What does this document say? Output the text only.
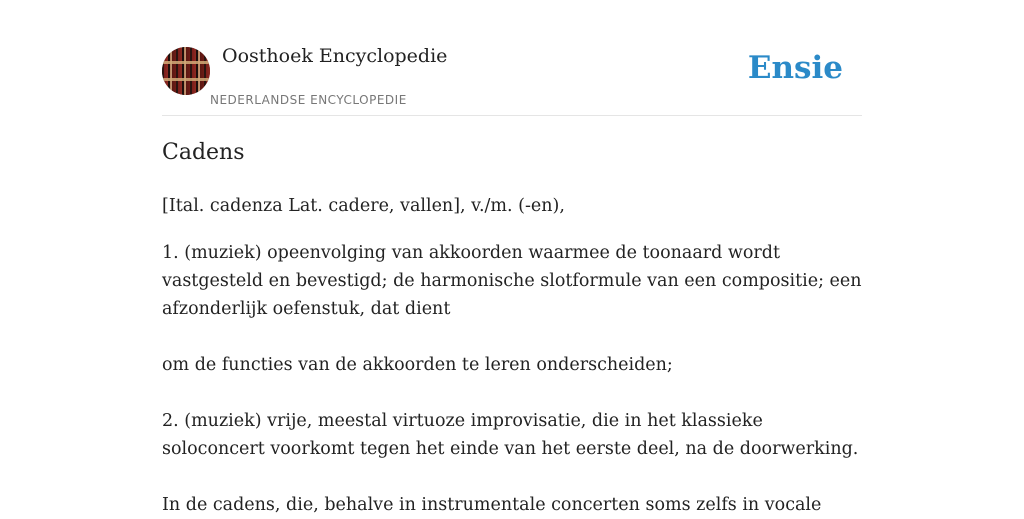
Oosthoek Encyclopedie
NEDERLANDSE ENCYCLOPEDIE
Ensie
Cadens

[Ital. cadenza Lat. cadere, vallen], v./m. (-en),

1. (muziek) opeenvolging van akkoorden waarmee de toonaard wordt vastgesteld en bevestigd; de harmonische slotformule van een compositie; een afzonderlijk oefenstuk, dat dient

om de functies van de akkoorden te leren onderscheiden;

2. (muziek) vrije, meestal virtuoze improvisatie, die in het klassieke soloconcert voorkomt tegen het einde van het eerste deel, na de doorwerking.

In de cadens, die, behalve in instrumentale concerten soms zelfs in vocale
